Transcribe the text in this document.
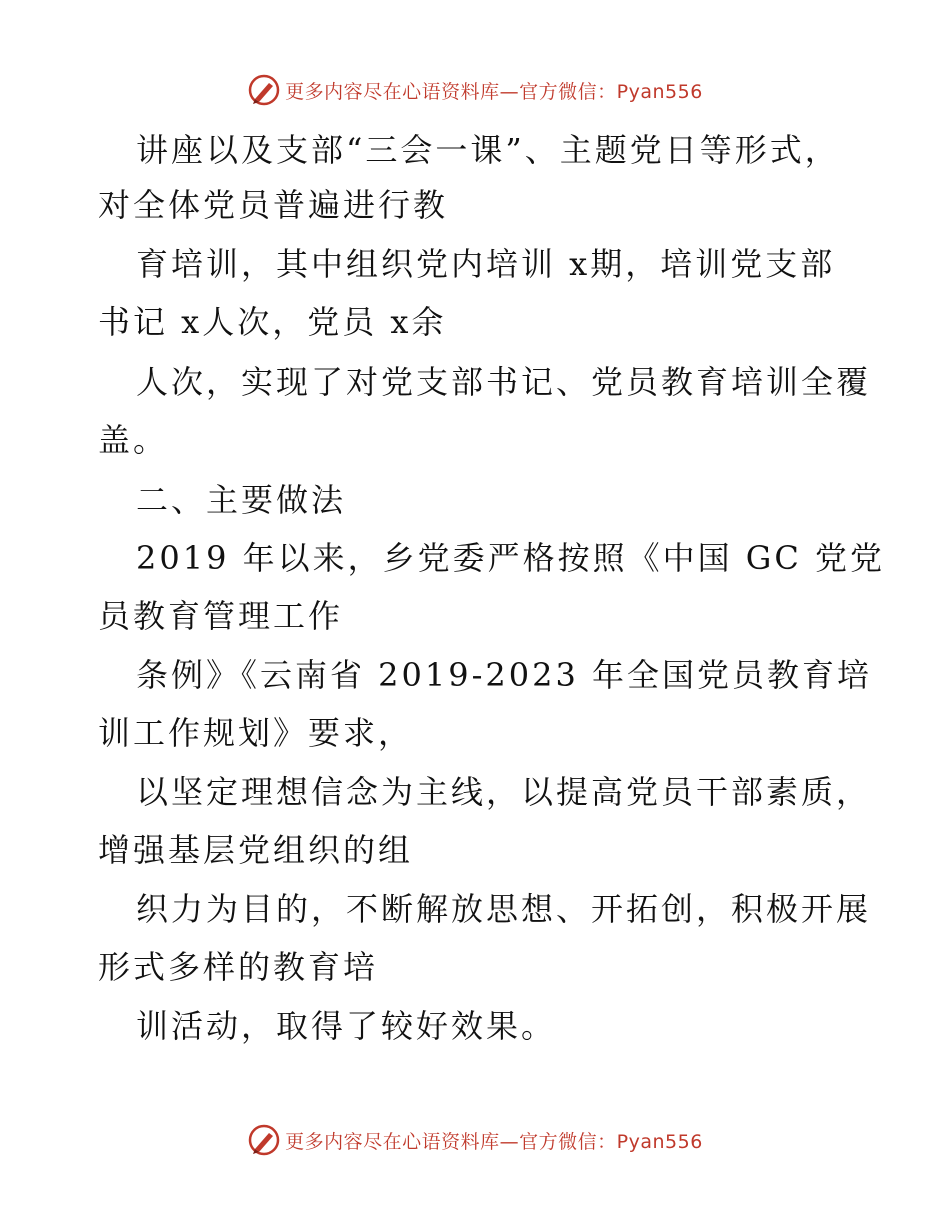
更多内容尽在心语资料库—官方微信：Pyan556
讲座以及支部“三会一课”、主题党日等形式，
对全体党员普遍进行教
育培训，其中组织党内培训 x期，培训党支部
书记 x人次，党员 x余
人次，实现了对党支部书记、党员教育培训全覆
盖。
二、主要做法
2019 年以来，乡党委严格按照《中国 GC 党党
员教育管理工作
条例》《云南省 2019-2023 年全国党员教育培
训工作规划》要求，
以坚定理想信念为主线，以提高党员干部素质，
增强基层党组织的组
织力为目的，不断解放思想、开拓创，积极开展
形式多样的教育培
训活动，取得了较好效果。
更多内容尽在心语资料库—官方微信：Pyan556
